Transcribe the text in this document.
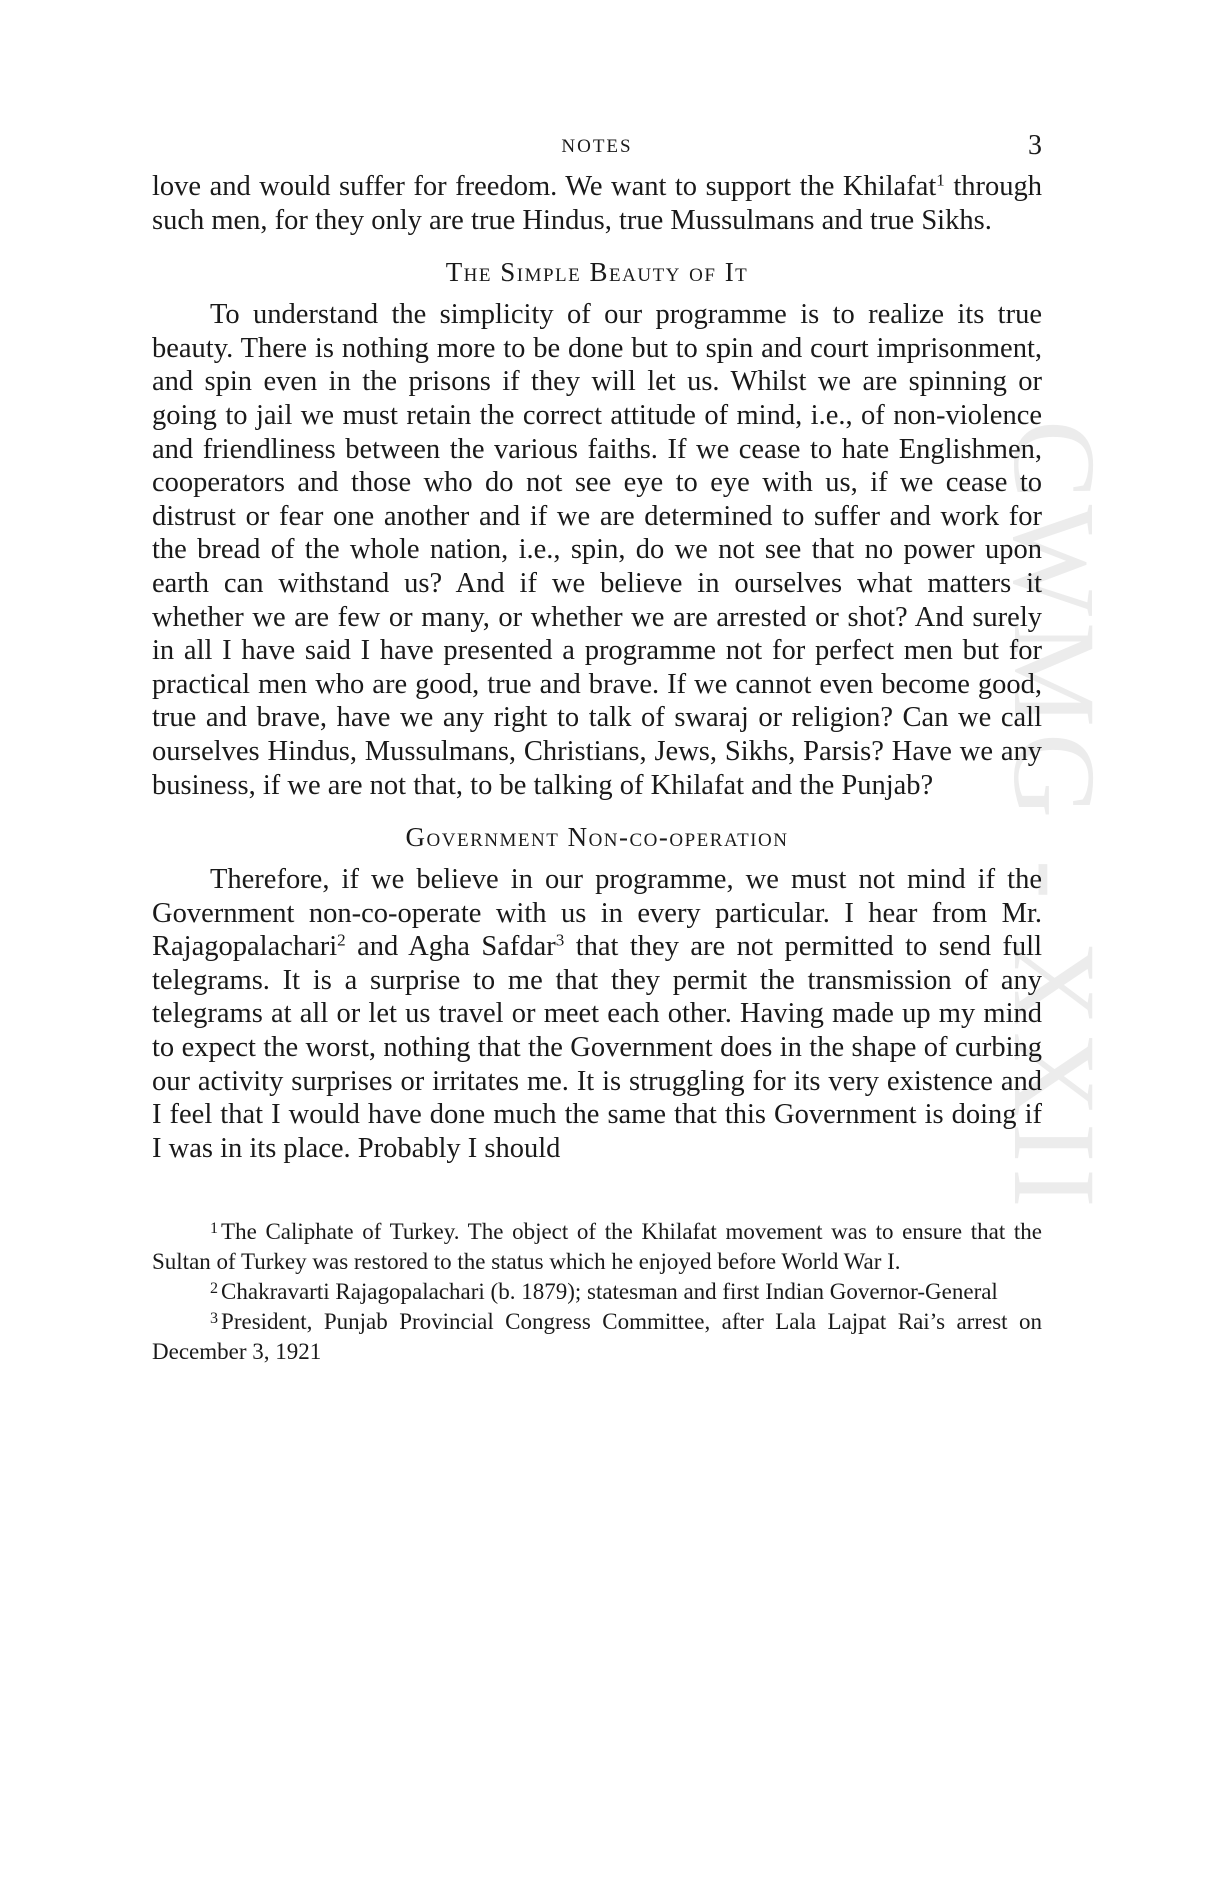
CWMG - XXII
NOTES	3

love and would suffer for freedom. We want to support the Khilafat$^1$ through such men, for they only are true Hindus, true Mussulmans and true Sikhs.

The Simple Beauty of It

To understand the simplicity of our programme is to realize its true beauty. There is nothing more to be done but to spin and court imprisonment, and spin even in the prisons if they will let us. Whilst we are spinning or going to jail we must retain the correct attitude of mind, i.e., of non-violence and friendliness between the various faiths. If we cease to hate Englishmen, cooperators and those who do not see eye to eye with us, if we cease to distrust or fear one another and if we are determined to suffer and work for the bread of the whole nation, i.e., spin, do we not see that no power upon earth can withstand us? And if we believe in ourselves what matters it whether we are few or many, or whether we are arrested or shot? And surely in all I have said I have presented a programme not for perfect men but for practical men who are good, true and brave. If we cannot even become good, true and brave, have we any right to talk of swaraj or religion? Can we call ourselves Hindus, Mussulmans, Christians, Jews, Sikhs, Parsis? Have we any business, if we are not that, to be talking of Khilafat and the Punjab?

Government Non-co-operation

Therefore, if we believe in our programme, we must not mind if the Government non-co-operate with us in every particular. I hear from Mr. Rajagopalachari$^2$ and Agha Safdar$^3$ that they are not permitted to send full telegrams. It is a surprise to me that they permit the transmission of any telegrams at all or let us travel or meet each other. Having made up my mind to expect the worst, nothing that the Government does in the shape of curbing our activity surprises or irritates me. It is struggling for its very existence and I feel that I would have done much the same that this Government is doing if I was in its place. Probably I should

$^1$ The Caliphate of Turkey. The object of the Khilafat movement was to ensure that the Sultan of Turkey was restored to the status which he enjoyed before World War I.

$^2$ Chakravarti Rajagopalachari (b. 1879); statesman and first Indian Governor-General

$^3$ President, Punjab Provincial Congress Committee, after Lala Lajpat Rai’s arrest on December 3, 1921
